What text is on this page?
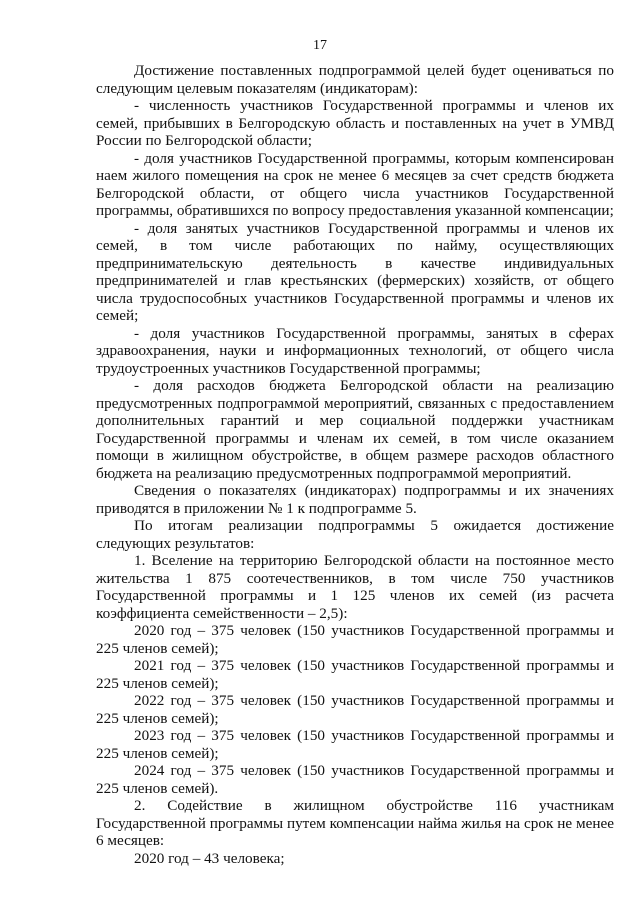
17

Достижение поставленных подпрограммой целей будет оцениваться по следующим целевым показателям (индикаторам):

- численность участников Государственной программы и членов их семей, прибывших в Белгородскую область и поставленных на учет в УМВД России по Белгородской области;

- доля участников Государственной программы, которым компенсирован наем жилого помещения на срок не менее 6 месяцев за счет средств бюджета Белгородской области, от общего числа участников Государственной программы, обратившихся по вопросу предоставления указанной компенсации;

- доля занятых участников Государственной программы и членов их семей, в том числе работающих по найму, осуществляющих предпринимательскую деятельность в качестве индивидуальных предпринимателей и глав крестьянских (фермерских) хозяйств, от общего числа трудоспособных участников Государственной программы и членов их семей;

- доля участников Государственной программы, занятых в сферах здравоохранения, науки и информационных технологий, от общего числа трудоустроенных участников Государственной программы;

- доля расходов бюджета Белгородской области на реализацию предусмотренных подпрограммой мероприятий, связанных с предоставлением дополнительных гарантий и мер социальной поддержки участникам Государственной программы и членам их семей, в том числе оказанием помощи в жилищном обустройстве, в общем размере расходов областного бюджета на реализацию предусмотренных подпрограммой мероприятий.

Сведения о показателях (индикаторах) подпрограммы и их значениях приводятся в приложении № 1 к подпрограмме 5.

По итогам реализации подпрограммы 5 ожидается достижение следующих результатов:

1. Вселение на территорию Белгородской области на постоянное место жительства 1 875 соотечественников, в том числе 750 участников Государственной программы и 1 125 членов их семей (из расчета коэффициента семейственности – 2,5):

2020 год – 375 человек (150 участников Государственной программы и 225 членов семей);

2021 год – 375 человек (150 участников Государственной программы и 225 членов семей);

2022 год – 375 человек (150 участников Государственной программы и 225 членов семей);

2023 год – 375 человек (150 участников Государственной программы и 225 членов семей);

2024 год – 375 человек (150 участников Государственной программы и 225 членов семей).

2. Содействие в жилищном обустройстве 116 участникам Государственной программы путем компенсации найма жилья на срок не менее 6 месяцев:

2020 год – 43 человека;
